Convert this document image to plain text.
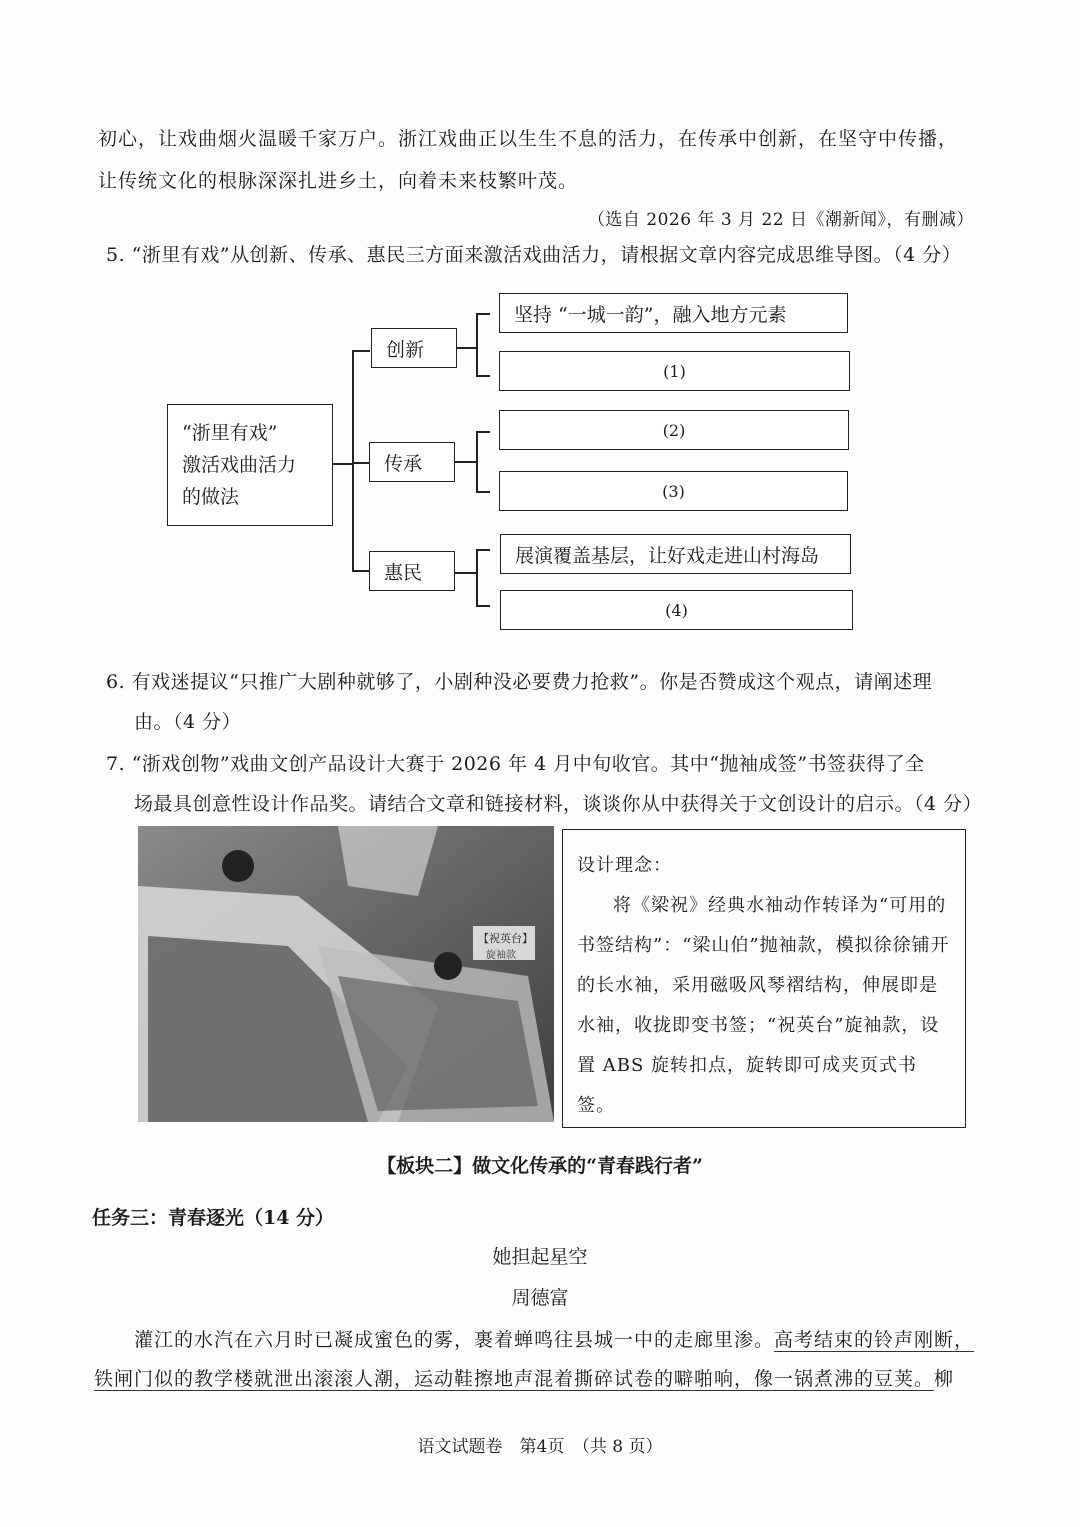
初心，让戏曲烟火温暖千家万户。浙江戏曲正以生生不息的活力，在传承中创新，在坚守中传播，
让传统文化的根脉深深扎进乡土，向着未来枝繁叶茂。
（选自 2026 年 3 月 22 日《潮新闻》，有删减）
5. “浙里有戏”从创新、传承、惠民三方面来激活戏曲活力，请根据文章内容完成思维导图。（4 分）
“浙里有戏”
激活戏曲活力
的做法
创新
传承
惠民
坚持 “一城一韵”，融入地方元素
(1)
(2)
(3)
展演覆盖基层，让好戏走进山村海岛
(4)
6. 有戏迷提议“只推广大剧种就够了，小剧种没必要费力抢救”。你是否赞成这个观点，请阐述理
由。（4 分）
7. “浙戏创物”戏曲文创产品设计大赛于 2026 年 4 月中旬收官。其中“抛袖成签”书签获得了全
场最具创意性设计作品奖。请结合文章和链接材料，谈谈你从中获得关于文创设计的启示。（4 分）
【祝英台】
旋袖款

设计理念：

将《梁祝》经典水袖动作转译为“可用的书签结构”：“梁山伯”抛袖款，模拟徐徐铺开的长水袖，采用磁吸风琴褶结构，伸展即是水袖，收拢即变书签；“祝英台”旋袖款，设置 ABS 旋转扣点，旋转即可成夹页式书签。

【板块二】做文化传承的“青春践行者”
任务三：青春逐光（14 分）
她担起星空
周德富
灌江的水汽在六月时已凝成蜜色的雾，裹着蝉鸣往县城一中的走廊里渗。高考结束的铃声刚断，
铁闸门似的教学楼就泄出滚滚人潮，运动鞋擦地声混着撕碎试卷的噼啪响，像一锅煮沸的豆荚。柳
语文试题卷　第4页　（共 8 页）
